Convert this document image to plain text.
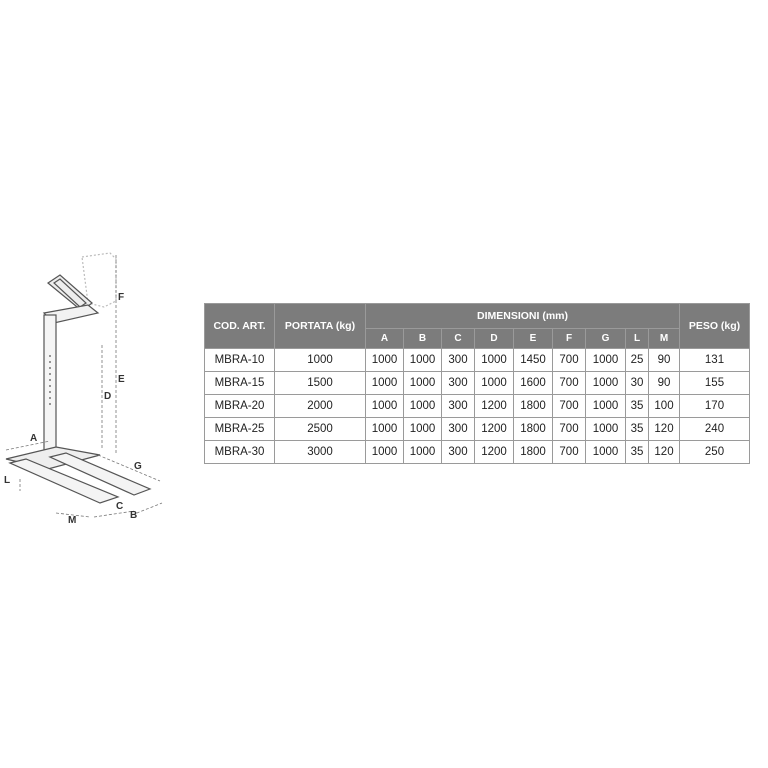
A
B
C
D
E
F
G
L
M
COD. ART.	PORTATA (kg)	DIMENSIONI (mm)									PESO (kg)
		A	B	C	D	E	F	G	L	M	
MBRA-10	1000	1000	1000	300	1000	1450	700	1000	25	90	131
MBRA-15	1500	1000	1000	300	1000	1600	700	1000	30	90	155
MBRA-20	2000	1000	1000	300	1200	1800	700	1000	35	100	170
MBRA-25	2500	1000	1000	300	1200	1800	700	1000	35	120	240
MBRA-30	3000	1000	1000	300	1200	1800	700	1000	35	120	250
